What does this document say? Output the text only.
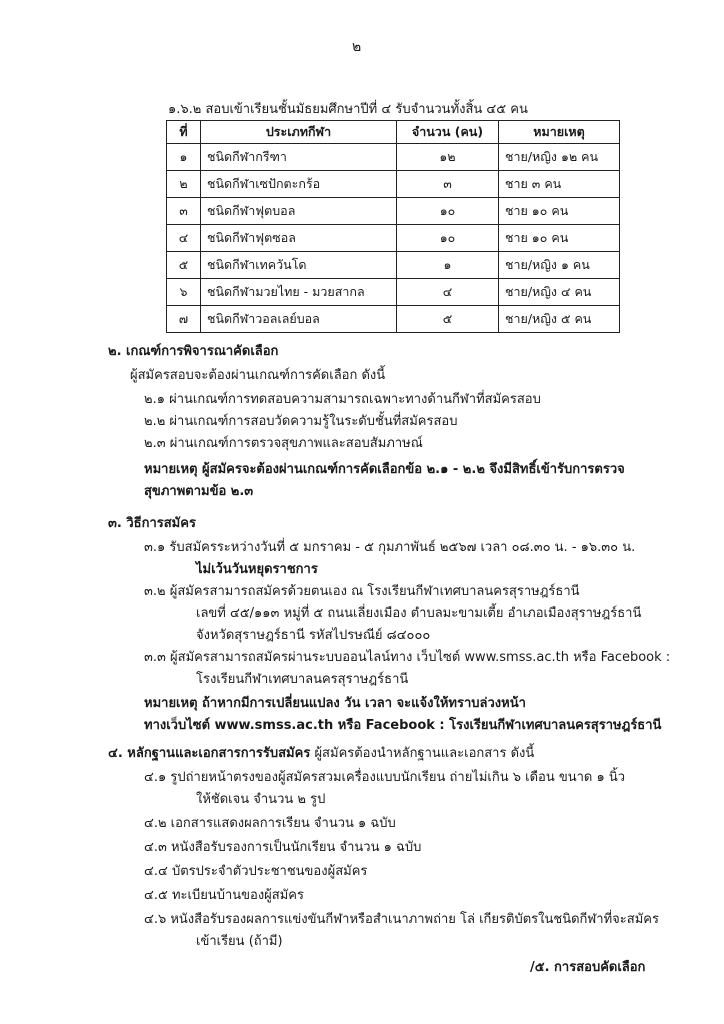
๒
๑.๖.๒ สอบเข้าเรียนชั้นมัธยมศึกษาปีที่ ๔ รับจำนวนทั้งสิ้น ๔๕ คน
ที่	ประเภทกีฬา	จำนวน (คน)	หมายเหตุ
๑	ชนิดกีฬากรีฑา	๑๒	ชาย/หญิง ๑๒ คน
๒	ชนิดกีฬาเซปักตะกร้อ	๓	ชาย ๓ คน
๓	ชนิดกีฬาฟุตบอล	๑๐	ชาย ๑๐ คน
๔	ชนิดกีฬาฟุตซอล	๑๐	ชาย ๑๐ คน
๕	ชนิดกีฬาเทควันโด	๑	ชาย/หญิง ๑ คน
๖	ชนิดกีฬามวยไทย - มวยสากล	๔	ชาย/หญิง ๔ คน
๗	ชนิดกีฬาวอลเลย์บอล	๕	ชาย/หญิง ๕ คน
๒. เกณฑ์การพิจารณาคัดเลือก
ผู้สมัครสอบจะต้องผ่านเกณฑ์การคัดเลือก ดังนี้
๒.๑ ผ่านเกณฑ์การทดสอบความสามารถเฉพาะทางด้านกีฬาที่สมัครสอบ
๒.๒ ผ่านเกณฑ์การสอบวัดความรู้ในระดับชั้นที่สมัครสอบ
๒.๓ ผ่านเกณฑ์การตรวจสุขภาพและสอบสัมภาษณ์
หมายเหตุ ผู้สมัครจะต้องผ่านเกณฑ์การคัดเลือกข้อ ๒.๑ - ๒.๒ จึงมีสิทธิ์เข้ารับการตรวจ
สุขภาพตามข้อ ๒.๓
๓. วิธีการสมัคร
๓.๑ รับสมัครระหว่างวันที่ ๕ มกราคม - ๕ กุมภาพันธ์ ๒๕๖๗ เวลา ๐๘.๓๐ น. - ๑๖.๓๐ น.
ไม่เว้นวันหยุดราชการ
๓.๒ ผู้สมัครสามารถสมัครด้วยตนเอง ณ โรงเรียนกีฬาเทศบาลนครสุราษฎร์ธานี
เลขที่ ๔๕/๑๑๓ หมู่ที่ ๕ ถนนเลี่ยงเมือง ตำบลมะขามเตี้ย อำเภอเมืองสุราษฎร์ธานี
จังหวัดสุราษฎร์ธานี รหัสไปรษณีย์ ๘๔๐๐๐
๓.๓ ผู้สมัครสามารถสมัครผ่านระบบออนไลน์ทาง เว็บไซต์ www.smss.ac.th หรือ Facebook :
โรงเรียนกีฬาเทศบาลนครสุราษฎร์ธานี
หมายเหตุ ถ้าหากมีการเปลี่ยนแปลง วัน เวลา จะแจ้งให้ทราบล่วงหน้า
ทางเว็บไซต์ www.smss.ac.th หรือ Facebook : โรงเรียนกีฬาเทศบาลนครสุราษฎร์ธานี
๔. หลักฐานและเอกสารการรับสมัคร ผู้สมัครต้องนำหลักฐานและเอกสาร ดังนี้
๔.๑ รูปถ่ายหน้าตรงของผู้สมัครสวมเครื่องแบบนักเรียน ถ่ายไม่เกิน ๖ เดือน ขนาด ๑ นิ้ว
ให้ชัดเจน จำนวน ๒ รูป
๔.๒ เอกสารแสดงผลการเรียน จำนวน ๑ ฉบับ
๔.๓ หนังสือรับรองการเป็นนักเรียน จำนวน ๑ ฉบับ
๔.๔ บัตรประจำตัวประชาชนของผู้สมัคร
๔.๕ ทะเบียนบ้านของผู้สมัคร
๔.๖ หนังสือรับรองผลการแข่งขันกีฬาหรือสำเนาภาพถ่าย โล่ เกียรติบัตรในชนิดกีฬาที่จะสมัคร
เข้าเรียน (ถ้ามี)
/๕. การสอบคัดเลือก
